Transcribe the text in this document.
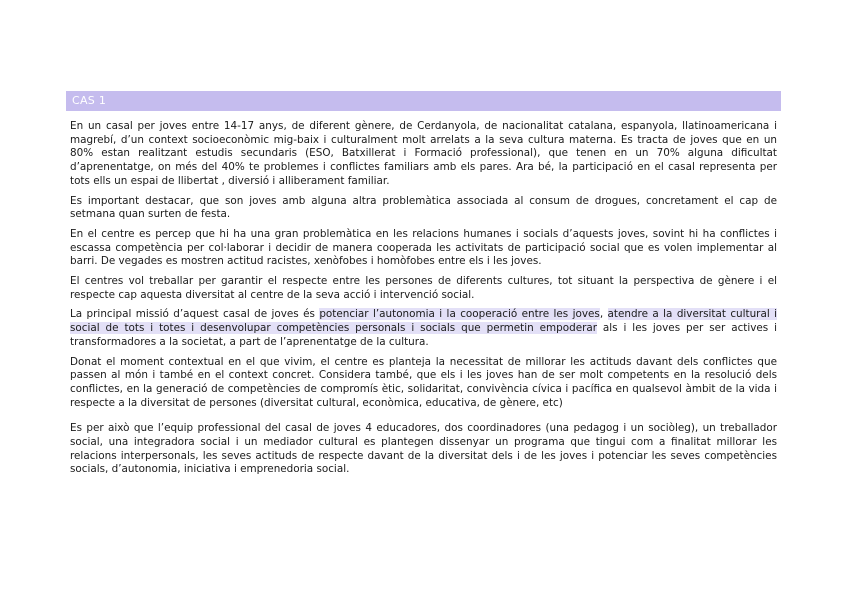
CAS 1

En un casal per joves entre 14-17 anys, de diferent gènere, de Cerdanyola, de nacionalitat catalana, espanyola, llatinoamericana i magrebí, d’un context socioeconòmic mig-baix i culturalment molt arrelats a la seva cultura materna. Es tracta de joves que en un 80% estan realitzant estudis secundaris (ESO, Batxillerat i Formació professional), que tenen en un 70% alguna dificultat d’aprenentatge, on més del 40% te problemes i conflictes familiars amb els pares. Ara bé, la participació en el casal representa per tots ells un espai de llibertat , diversió i alliberament familiar.

Es important destacar, que son joves amb alguna altra problemàtica associada al consum de drogues, concretament el cap de setmana quan surten de festa.

En el centre es percep que hi ha una gran problemàtica en les relacions humanes i socials d’aquests joves, sovint hi ha conflictes i escassa competència per col·laborar i decidir de manera cooperada les activitats de participació social que es volen implementar al barri. De vegades es mostren actitud racistes, xenòfobes i homòfobes entre els i les joves.

El centres vol treballar per garantir el respecte entre les persones de diferents cultures, tot situant la perspectiva de gènere i el respecte cap aquesta diversitat al centre de la seva acció i intervenció social.

La principal missió d’aquest casal de joves és potenciar l’autonomia i la cooperació entre les joves, atendre a la diversitat cultural i social de tots i totes i desenvolupar competències personals i socials que permetin empoderar als i les joves per ser actives i transformadores a la societat, a part de l’aprenentatge de la cultura.

Donat el moment contextual en el que vivim, el centre es planteja la necessitat de millorar les actituds davant dels conflictes que passen al món i també en el context concret. Considera també, que els i les joves han de ser molt competents en la resolució dels conflictes, en la generació de competències de compromís ètic, solidaritat, convivència cívica i pacífica en qualsevol àmbit de la vida i respecte a la diversitat de persones (diversitat cultural, econòmica, educativa, de gènere, etc)

Es per això que l’equip professional del casal de joves 4 educadores, dos coordinadores (una pedagog i un sociòleg), un treballador social, una integradora social i un mediador cultural es plantegen dissenyar un programa que tingui com a finalitat millorar les relacions interpersonals, les seves actituds de respecte davant de la diversitat dels i de les joves i potenciar les seves competències socials, d’autonomia, iniciativa i emprenedoria social.
